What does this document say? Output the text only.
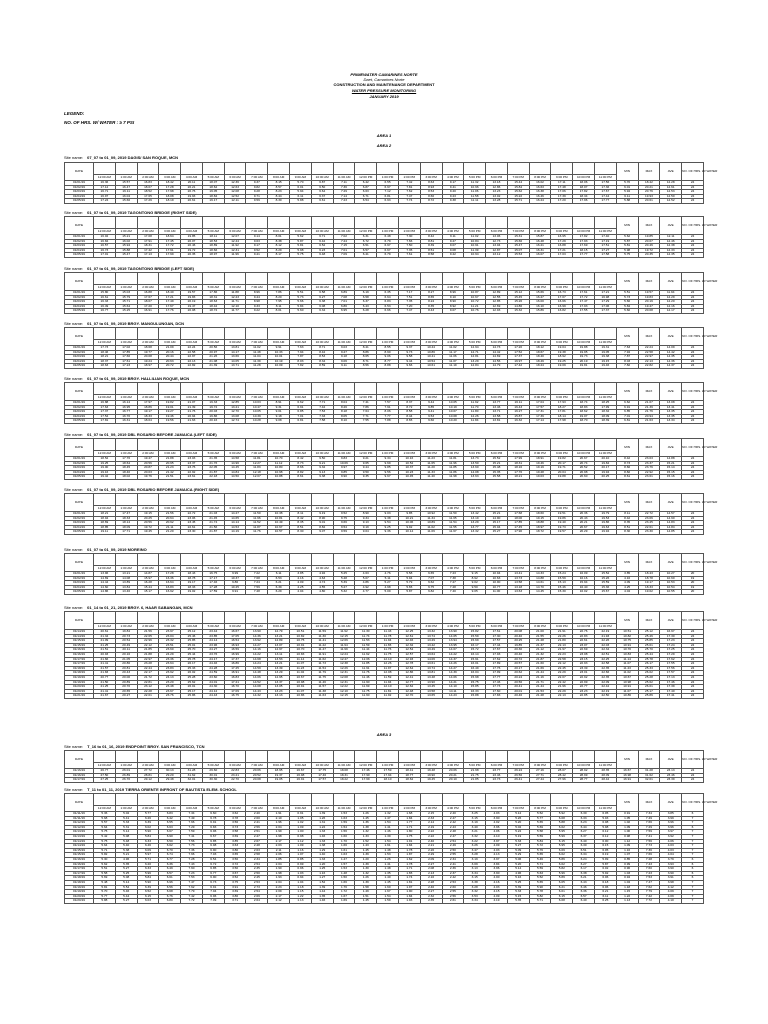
PRIMEWATER CAMARINES NORTE
Daet, Camarines Norte
CONSTRUCTION AND MAINTENANCE DEPARTMENT
WATER PRESSURE MONITORING
JANUARY 2019
LEGEND:
NO. OF HRS. W/ WATER : ≥ 7 PSI
AREA 1
AREA 2
AREA 3
Site name: 07_07 to 01_09, 2019 DAGIS/ SAN ROQUE, MCN
DATE																									MIN	MAX	AVE	NO. OF HRS. W/ WATER
	12:00 AM	1:00 AM	2:00 AM	3:00 AM	4:00 AM	5:00 AM	6:00 AM	7:00 AM	8:00 AM	9:00 AM	10:00 AM	11:00 AM	12:00 PM	1:00 PM	2:00 PM	3:00 PM	4:00 PM	5:00 PM	6:00 PM	7:00 PM	8:00 PM	9:00 PM	10:00 PM	11:00 PM				
01/01/19	16.36	15.57	16.83	18.42	20.11	18.07	12.36	9.37	8.15	5.70	6.87	7.11	6.42	6.55	7.42	8.63	9.17	11.32	13.18	15.44	16.02	17.11	18.06	17.56	5.70	18.42	12.28	24
01/02/19	17.12	16.47	18.07	17.28	20.21	18.62	12.63	9.82	8.57	6.01	6.50	7.36	6.87	6.97	7.81	8.93	9.41	10.96	12.86	15.84	16.63	17.48	18.07	17.36	6.01	20.21	12.61	24
01/03/19	16.71	16.11	18.52	17.98	20.76	19.05	12.08	9.28	8.23	5.94	6.64	7.29	6.63	7.12	7.62	8.53	9.20	11.06	13.23	15.62	16.38	17.06	17.82	17.67	5.94	20.76	12.53	24
01/04/19	16.97	16.04	17.65	18.08	19.93	18.84	12.52	9.71	8.44	6.11	6.37	7.14	6.71	6.81	7.47	8.66	9.23	11.58	13.02	15.22	16.46	17.39	18.34	17.44	6.11	19.93	12.50	24
01/05/19	17.24	15.66	17.29	18.19	20.61	19.17	12.11	9.59	8.30	5.88	6.61	7.23	6.54	6.93	7.74	8.72	9.38	11.11	13.28	15.71	16.24	17.20	17.96	17.77	5.88	20.61	12.52	24
Site name: 01_07 to 01_09, 2019 TAGONTONG BRIDGE (RIGHT SIDE)
DATE																									MIN	MAX	AVE	NO. OF HRS. W/ WATER
	12:00 AM	1:00 AM	2:00 AM	3:00 AM	4:00 AM	5:00 AM	6:00 AM	7:00 AM	8:00 AM	9:00 AM	10:00 AM	11:00 AM	12:00 PM	1:00 PM	2:00 PM	3:00 PM	4:00 PM	5:00 PM	6:00 PM	7:00 PM	8:00 PM	9:00 PM	10:00 PM	11:00 PM				
01/01/19	16.02	15.21	17.08	18.64	19.85	18.11	12.07	9.14	8.01	5.62	6.71	7.02	6.31	6.48	7.30	8.42	9.11	11.02	13.06	15.31	15.87	16.95	17.82	17.40	5.62	19.85	12.11	24
01/02/19	16.84	16.02	17.91	17.45	20.07	18.53	12.44	9.63	8.38	5.87	6.42	7.24	6.72	6.79	7.66	8.81	9.27	10.84	12.73	15.66	16.48	17.29	17.93	17.19	5.87	20.07	12.46	24
01/03/19	16.57	15.94	18.31	17.72	20.46	18.89	11.92	9.17	8.12	5.81	6.52	7.15	6.51	6.97	7.50	8.39	9.07	10.91	13.04	15.47	16.21	16.88	17.69	17.51	5.81	20.46	12.38	24
01/04/19	16.73	15.88	17.42	17.91	19.72	18.66	12.31	9.52	8.29	5.98	6.23	7.01	6.57	6.67	7.35	8.51	9.08	11.39	12.87	15.07	16.31	17.21	18.15	17.27	5.98	19.72	12.33	24
01/05/19	17.01	15.47	17.13	17.99	20.35	18.97	11.96	9.41	8.17	5.75	6.48	7.09	6.41	6.79	7.61	8.58	9.22	10.94	13.12	15.53	16.07	17.03	17.77	17.58	5.75	20.35	12.35	24
Site name: 01_07 to 01_09, 2019 TAGONTONG BRIDGE (LEFT SIDE)
DATE																									MIN	MAX	AVE	NO. OF HRS. W/ WATER
	12:00 AM	1:00 AM	2:00 AM	3:00 AM	4:00 AM	5:00 AM	6:00 AM	7:00 AM	8:00 AM	9:00 AM	10:00 AM	11:00 AM	12:00 PM	1:00 PM	2:00 PM	3:00 PM	4:00 PM	5:00 PM	6:00 PM	7:00 PM	8:00 PM	9:00 PM	10:00 PM	11:00 PM				
01/01/19	15.80	15.03	16.88	18.40	19.57	17.86	11.88	8.96	7.86	5.51	6.58	6.89	6.19	6.35	7.17	8.27	8.96	10.87	12.89	15.12	15.66	16.73	17.61	17.21	5.51	19.57	11.94	24
01/02/19	16.61	15.79	17.67	17.21	19.83	18.31	12.23	9.44	8.20	5.73	6.27	7.08	6.58	6.64	7.51	8.65	9.10	10.67	12.55	15.45	16.27	17.07	17.72	16.98	5.73	19.83	12.29	24
01/03/19	16.33	15.71	18.07	17.49	20.19	18.63	11.71	8.98	7.95	5.66	6.38	7.01	6.37	6.83	7.35	8.24	8.90	10.72	12.85	15.26	16.00	16.66	17.47	17.29	5.66	20.19	12.20	24
01/04/19	16.49	15.64	17.20	17.67	19.47	18.42	12.10	9.33	8.11	5.84	6.08	6.86	6.43	6.53	7.20	8.35	8.92	11.21	12.69	14.86	16.10	16.99	17.93	17.06	5.84	19.47	12.16	24
01/05/19	16.77	15.25	16.91	17.76	20.08	18.72	11.77	9.22	8.01	5.60	6.34	6.95	6.28	6.66	7.47	8.43	9.07	10.76	12.93	15.32	15.86	16.82	17.55	17.37	5.60	20.08	12.17	24
Site name: 01_07 to 01_09, 2019 BRGY. MANGULUNGAN, DCN
DATE																									MIN	MAX	AVE	NO. OF HRS. W/ WATER
	12:00 AM	1:00 AM	2:00 AM	3:00 AM	4:00 AM	5:00 AM	6:00 AM	7:00 AM	8:00 AM	9:00 AM	10:00 AM	11:00 AM	12:00 PM	1:00 PM	2:00 PM	3:00 PM	4:00 PM	5:00 PM	6:00 PM	7:00 PM	8:00 PM	9:00 PM	10:00 PM	11:00 PM				
01/01/19	17.73	17.02	18.68	21.09	22.24	20.56	13.81	11.02	9.91	7.63	8.71	9.03	8.41	8.55	9.37	10.44	11.02	12.94	14.73	17.20	18.12	19.04	19.88	19.31	7.63	22.24	14.09	24
01/02/19	18.46	17.85	19.77	20.16	22.58	20.97	14.17	11.48	10.33	7.94	8.42	9.27	8.86	8.90	9.73	10.86	11.17	12.71	14.42	17.52	18.67	19.38	19.95	19.05	7.94	22.58	14.42	24
01/03/19	18.21	17.66	20.08	20.44	22.97	21.26	13.66	11.04	10.01	7.87	8.53	9.18	8.65	9.06	9.58	10.41	11.06	12.81	14.69	17.37	18.40	18.92	19.73	19.38	7.87	22.97	14.35	24
01/04/19	18.37	17.61	19.24	20.63	22.13	21.08	14.05	11.39	10.19	8.03	8.34	9.06	8.71	8.77	9.44	10.54	11.07	13.29	14.56	16.97	18.49	19.25	20.19	19.15	8.03	22.13	14.36	24
01/05/19	18.63	17.23	18.97	20.72	22.82	21.39	13.71	11.28	10.09	7.82	8.59	9.11	8.56	8.88	9.66	10.61	11.19	12.84	14.79	17.42	18.24	19.09	19.81	19.46	7.82	22.82	14.37	24
Site name: 01_07 to 01_09, 2019 BRGY. HALLILIAN ROQUE, MCN
DATE																									MIN	MAX	AVE	NO. OF HRS. W/ WATER
	12:00 AM	1:00 AM	2:00 AM	3:00 AM	4:00 AM	5:00 AM	6:00 AM	7:00 AM	8:00 AM	9:00 AM	10:00 AM	11:00 AM	12:00 PM	1:00 PM	2:00 PM	3:00 PM	4:00 PM	5:00 PM	6:00 PM	7:00 PM	8:00 PM	9:00 PM	10:00 PM	11:00 PM				
01/01/19	16.88	16.14	17.97	19.82	21.07	19.33	12.85	10.03	8.91	6.62	7.71	8.04	7.41	7.57	8.37	9.44	10.05	11.92	13.77	16.11	17.04	17.93	18.74	18.25	6.62	21.07	13.08	24
01/02/19	17.63	16.95	18.86	19.01	21.39	19.72	13.21	10.47	9.31	6.91	7.42	8.26	7.86	7.91	8.72	9.85	10.19	11.70	13.46	16.43	17.57	18.27	18.83	17.99	6.91	21.39	13.41	24
01/03/19	17.37	16.77	19.17	19.27	21.76	20.03	12.70	10.05	9.01	6.85	7.53	8.18	7.64	8.06	8.58	9.41	10.07	11.80	13.71	16.27	17.31	17.81	18.62	18.32	6.85	21.76	13.35	24
01/04/19	17.54	16.70	18.33	19.46	20.94	19.86	13.08	10.39	9.18	7.01	7.33	8.05	7.71	7.77	8.44	9.53	10.08	12.26	13.58	15.87	17.39	18.14	19.07	18.09	7.01	20.94	13.35	24
01/05/19	17.81	16.31	18.04	19.56	21.63	20.16	12.74	10.28	9.08	6.81	7.58	8.10	7.55	7.88	8.65	9.60	10.20	11.84	13.81	16.32	17.14	17.98	18.70	18.39	6.81	21.63	13.34	24
Site name: 01_07 to 01_09, 2019 DBL ROSARIO BEFORE JAMAICA (LEFT SIDE)
DATE																									MIN	MAX	AVE	NO. OF HRS. W/ WATER
	12:00 AM	1:00 AM	2:00 AM	3:00 AM	4:00 AM	5:00 AM	6:00 AM	7:00 AM	8:00 AM	9:00 AM	10:00 AM	11:00 AM	12:00 PM	1:00 PM	2:00 PM	3:00 PM	4:00 PM	5:00 PM	6:00 PM	7:00 PM	8:00 PM	9:00 PM	10:00 PM	11:00 PM				
01/01/19	18.52	17.76	19.47	21.88	23.03	21.35	14.58	11.81	10.70	8.42	9.50	9.83	9.21	9.34	10.16	11.23	11.81	13.73	15.52	17.99	18.91	19.82	20.67	20.10	8.42	23.03	14.88	24
01/02/19	19.25	18.64	20.56	20.95	23.37	21.76	14.96	12.27	11.12	8.73	9.21	10.06	9.65	9.69	10.52	11.65	11.96	13.50	15.21	18.31	19.46	20.17	20.74	19.84	8.73	23.37	15.21	24
01/03/19	19.00	18.45	20.87	21.23	23.76	22.05	14.45	11.83	10.80	8.66	9.32	9.97	9.44	9.85	10.37	11.20	11.85	13.60	15.48	18.16	19.19	19.71	20.52	20.17	8.66	23.76	15.14	24
01/04/19	19.16	18.40	20.03	21.42	22.92	21.87	14.84	12.18	10.98	8.82	9.13	9.85	9.50	9.56	10.23	11.33	11.86	14.08	15.35	17.76	19.28	20.04	20.98	19.94	8.82	22.92	15.15	24
01/05/19	19.42	18.02	19.76	21.51	23.61	22.18	14.50	12.07	10.88	8.61	9.38	9.90	9.35	9.67	10.45	11.40	11.98	13.63	15.58	18.21	19.03	19.88	20.60	20.25	8.61	23.61	15.16	24
Site name: 01_07 to 01_09, 2019 DBL ROSARIO BEFORE JAMAICA (RIGHT SIDE)
DATE																									MIN	MAX	AVE	NO. OF HRS. W/ WATER
	12:00 AM	1:00 AM	2:00 AM	3:00 AM	4:00 AM	5:00 AM	6:00 AM	7:00 AM	8:00 AM	9:00 AM	10:00 AM	11:00 AM	12:00 PM	1:00 PM	2:00 PM	3:00 PM	4:00 PM	5:00 PM	6:00 PM	7:00 PM	8:00 PM	9:00 PM	10:00 PM	11:00 PM				
01/01/19	18.21	17.47	19.15	21.56	22.72	21.03	14.27	11.50	10.38	8.11	9.19	9.52	8.90	9.03	9.85	10.92	11.50	13.42	15.21	17.68	18.60	19.51	20.36	19.79	8.11	22.72	14.57	24
01/02/19	18.94	18.33	20.25	20.64	23.06	21.45	14.65	11.96	10.81	8.42	8.90	9.75	9.34	9.38	10.21	11.34	11.65	13.19	14.90	18.00	19.15	19.86	20.43	19.53	8.42	23.06	14.90	24
01/03/19	18.69	18.14	20.56	20.92	23.45	21.74	14.14	11.52	10.49	8.35	9.01	9.66	9.13	9.54	10.06	10.89	11.54	13.29	15.17	17.85	18.88	19.40	20.21	19.86	8.35	23.45	14.83	24
01/04/19	18.85	18.09	19.72	21.11	22.61	21.56	14.53	11.87	10.67	8.51	8.82	9.54	9.19	9.25	9.92	11.02	11.55	13.77	15.04	17.45	18.97	19.73	20.67	19.63	8.51	22.61	14.84	24
01/05/19	19.11	17.71	19.45	21.20	23.30	21.87	14.19	11.76	10.57	8.30	9.07	9.59	9.04	9.36	10.14	11.09	11.67	13.32	15.27	17.90	18.72	19.57	20.29	19.94	8.30	23.30	14.85	24
Site name: 01_07 to 01_09, 2019 MOREINO
DATE																									MIN	MAX	AVE	NO. OF HRS. W/ WATER
	12:00 AM	1:00 AM	2:00 AM	3:00 AM	4:00 AM	5:00 AM	6:00 AM	7:00 AM	8:00 AM	9:00 AM	10:00 AM	11:00 AM	12:00 PM	1:00 PM	2:00 PM	3:00 PM	4:00 PM	5:00 PM	6:00 PM	7:00 PM	8:00 PM	9:00 PM	10:00 PM	11:00 PM				
01/01/19	13.96	13.21	14.87	17.28	18.43	16.75	9.99	7.22	6.11	3.85	4.92	5.25	4.63	4.76	5.58	6.65	7.23	9.15	10.94	13.41	14.33	15.24	16.09	15.52	3.85	18.43	10.27	20
01/02/19	14.69	14.08	15.97	16.36	18.78	17.17	10.37	7.68	6.53	4.16	4.63	5.48	5.07	5.11	5.94	7.07	7.38	8.92	10.63	13.73	14.88	15.59	16.16	15.26	4.16	18.78	10.60	19
01/03/19	14.44	13.89	16.28	16.64	19.17	17.46	9.86	7.24	6.21	4.09	4.74	5.39	4.86	5.27	5.79	6.62	7.27	9.02	10.90	13.58	14.61	15.13	15.94	15.59	4.09	19.17	10.53	20
01/04/19	14.60	13.84	15.44	16.83	18.33	17.28	10.25	7.59	6.39	4.25	4.55	5.27	4.92	4.98	5.65	6.75	7.28	9.50	10.77	13.18	14.70	15.46	16.40	15.36	4.25	18.33	10.54	19
01/05/19	14.86	13.46	15.17	16.92	19.02	17.59	9.91	7.48	6.29	4.04	4.80	5.32	4.77	5.09	5.87	6.82	7.40	9.05	11.00	13.63	14.45	15.30	16.02	15.67	4.04	19.02	10.55	20
Site name: 01_14 to 01_21, 2019 BRGY. 6, HAAR SABANGAN, MCN
DATE																									MIN	MAX	AVE	NO. OF HRS. W/ WATER
	12:00 AM	1:00 AM	2:00 AM	3:00 AM	4:00 AM	5:00 AM	6:00 AM	7:00 AM	8:00 AM	9:00 AM	10:00 AM	11:00 AM	12:00 PM	1:00 PM	2:00 PM	3:00 PM	4:00 PM	5:00 PM	6:00 PM	7:00 PM	8:00 PM	9:00 PM	10:00 PM	11:00 PM				
01/14/19	20.61	19.84	21.56	23.97	25.12	23.44	16.67	13.90	12.79	10.51	11.59	11.92	11.30	11.43	12.25	13.32	13.90	15.82	17.61	20.08	21.00	21.91	22.76	22.19	10.51	25.12	16.97	24
01/14/19	21.34	20.73	22.65	23.04	25.46	23.85	17.05	14.36	13.21	10.82	11.30	12.15	11.74	11.78	12.61	13.74	14.05	15.59	17.30	20.40	21.55	22.26	22.83	21.93	10.82	25.46	17.30	24
01/15/19	21.09	20.54	22.96	23.32	25.85	24.14	16.54	13.92	12.89	10.75	11.41	12.06	11.53	11.94	12.46	13.29	13.94	15.69	17.57	20.25	21.28	21.80	22.61	22.26	10.75	25.85	17.23	24
01/15/19	21.25	20.49	22.12	23.51	25.01	23.96	16.93	14.27	13.07	10.91	11.22	11.94	11.59	11.65	12.32	13.42	13.95	16.17	17.44	19.85	21.37	22.13	23.07	22.03	10.91	25.01	17.24	24
01/16/19	21.51	20.11	21.85	23.60	25.70	24.27	16.59	14.16	12.97	10.70	11.47	11.99	11.44	11.76	12.54	13.49	14.07	15.72	17.67	20.30	21.12	21.97	22.69	22.34	10.70	25.70	17.25	24
01/16/19	20.93	20.16	21.88	24.29	25.44	23.76	16.99	14.22	13.11	10.83	11.91	12.24	11.62	11.75	12.57	13.64	14.22	16.14	17.93	20.40	21.32	22.23	23.08	22.51	10.83	25.44	17.29	24
01/17/19	21.66	21.05	22.97	23.36	25.78	24.17	17.37	14.68	13.53	11.14	11.62	12.47	12.06	12.10	12.93	14.06	14.37	15.91	17.62	20.72	21.87	22.58	23.15	22.25	11.14	25.78	17.62	24
01/17/19	21.41	20.86	23.28	23.64	26.17	24.46	16.86	14.24	13.21	11.07	11.73	12.38	11.85	12.26	12.78	13.61	14.26	16.01	17.89	20.57	21.60	22.12	22.93	22.58	11.07	26.17	17.55	24
01/18/19	21.57	20.81	22.44	23.83	25.33	24.28	17.25	14.59	13.39	11.23	11.54	12.26	11.91	11.97	12.64	13.74	14.27	16.49	17.76	20.17	21.69	22.45	23.39	22.35	11.23	25.33	17.56	24
01/18/19	21.83	20.43	22.17	23.92	26.02	24.59	16.91	14.48	13.29	11.02	11.79	12.31	11.76	12.08	12.86	13.81	14.39	16.04	17.99	20.62	21.44	22.29	23.01	22.66	11.02	26.02	17.57	24
01/19/19	20.77	20.00	21.72	24.13	25.28	23.60	16.83	14.06	12.95	10.67	11.75	12.08	11.46	11.59	12.41	13.48	14.06	15.98	17.77	20.24	21.16	22.07	22.92	22.35	10.67	25.28	17.13	24
01/19/19	21.50	20.89	22.81	23.20	25.62	24.01	17.21	14.52	13.37	10.98	11.46	12.31	11.90	11.94	12.77	13.90	14.21	15.75	17.46	20.56	21.71	22.42	22.99	22.09	10.98	25.62	17.46	24
01/20/19	21.25	20.70	23.12	23.48	26.01	24.30	16.70	14.08	13.05	10.91	11.57	12.22	11.69	12.10	12.62	13.45	14.10	15.85	17.73	20.41	21.44	21.96	22.77	22.42	10.91	26.01	17.39	24
01/20/19	21.41	20.65	22.28	23.67	25.17	24.12	17.09	14.43	13.23	11.07	11.38	12.10	11.75	11.81	12.48	13.58	14.11	16.33	17.60	20.01	21.53	22.29	23.23	22.19	11.07	25.17	17.40	24
01/21/19	21.67	20.27	22.01	23.76	25.86	24.43	16.75	14.32	13.13	10.86	11.63	12.15	11.60	11.92	12.70	13.65	14.23	15.88	17.83	20.46	21.28	22.13	22.85	22.50	10.86	25.86	17.41	24
Site name: T_16 to 01_16, 2019 ENDPOINT BRGY. SAN FRANCISCO, TCN
DATE																									MIN	MAX	AVE	NO. OF HRS. W/ WATER
	12:00 AM	1:00 AM	2:00 AM	3:00 AM	4:00 AM	5:00 AM	6:00 AM	7:00 AM	8:00 AM	9:00 AM	10:00 AM	11:00 AM	12:00 PM	1:00 PM	2:00 PM	3:00 PM	4:00 PM	5:00 PM	6:00 PM	7:00 PM	8:00 PM	9:00 PM	10:00 PM	11:00 PM				
01/16/19	26.77	26.01	27.72	30.13	31.28	29.60	22.83	20.06	18.95	16.67	17.75	18.08	17.46	17.59	18.41	19.48	20.06	21.98	23.77	26.24	27.16	28.07	28.92	28.35	16.67	31.28	23.13	24
01/16/19	27.50	26.89	28.81	29.20	31.62	30.01	23.21	20.52	19.37	16.98	17.46	18.31	17.90	17.94	18.77	19.90	20.21	21.75	23.46	26.56	27.71	28.42	28.99	28.09	16.98	31.62	23.46	24
01/17/19	27.25	26.70	29.12	29.48	32.01	30.30	22.70	20.08	19.05	16.91	17.57	18.22	17.69	18.10	18.62	19.45	20.10	21.85	23.73	26.41	27.44	27.96	28.77	28.42	16.91	32.01	23.39	24
Site name: T_11 to 01_11, 2019 TIERRA ORIENTE INFRONT OF BAUTISTA ELEM. SCHOOL
DATE																									MIN	MAX	AVE	NO. OF HRS. W/ WATER
	12:00 AM	1:00 AM	2:00 AM	3:00 AM	4:00 AM	5:00 AM	6:00 AM	7:00 AM	8:00 AM	9:00 AM	10:00 AM	11:00 AM	12:00 PM	1:00 PM	2:00 PM	3:00 PM	4:00 PM	5:00 PM	6:00 PM	7:00 PM	8:00 PM	9:00 PM	10:00 PM	11:00 PM				
01/11/19	5.36	5.02	5.77	6.83	7.34	6.60	3.62	2.40	1.91	0.91	1.39	1.53	1.26	1.32	1.68	2.15	2.40	3.25	4.03	5.12	5.52	5.92	6.30	6.05	0.91	7.34	3.85	6
01/11/19	5.68	5.41	6.26	6.42	7.49	6.78	3.78	2.60	2.10	1.05	1.26	1.63	1.45	1.47	1.84	2.33	2.47	3.15	3.90	5.26	5.77	6.08	6.33	5.93	1.05	7.49	3.99	7
01/12/19	5.57	5.33	6.39	6.55	7.66	6.91	3.56	2.41	1.96	1.02	1.31	1.59	1.36	1.54	1.77	2.14	2.42	3.19	4.02	5.20	5.65	5.88	6.23	6.08	1.02	7.66	3.96	7
01/12/19	5.64	5.31	6.02	6.63	7.29	6.83	3.73	2.56	2.04	1.09	1.22	1.54	1.38	1.41	1.71	2.19	2.43	3.40	3.96	5.02	5.69	6.02	6.44	5.98	1.09	7.29	3.96	6
01/13/19	5.75	5.14	5.90	6.67	7.59	6.96	3.58	2.51	1.99	1.00	1.33	1.56	1.32	1.46	1.80	2.22	2.48	3.21	4.06	5.22	5.58	5.95	6.27	6.12	1.00	7.59	3.97	7
01/13/19	5.42	5.08	5.84	6.90	7.41	6.67	3.69	2.47	1.98	0.98	1.46	1.60	1.33	1.39	1.75	2.22	2.47	3.32	4.10	5.19	5.59	5.99	6.37	6.12	0.98	7.41	3.92	7
01/14/19	5.75	5.48	6.33	6.50	7.56	6.85	3.85	2.67	2.17	1.12	1.33	1.70	1.52	1.54	1.91	2.40	2.54	3.22	3.97	5.33	5.84	6.15	6.40	6.00	1.12	7.56	4.06	7
01/14/19	5.64	5.40	6.46	6.62	7.73	6.98	3.63	2.48	2.03	1.09	1.38	1.66	1.43	1.61	1.84	2.21	2.49	3.26	4.09	5.27	5.72	5.95	6.30	6.15	1.09	7.73	4.03	7
01/15/19	5.71	5.38	6.09	6.70	7.36	6.90	3.80	2.63	2.11	1.16	1.29	1.61	1.45	1.48	1.78	2.26	2.50	3.47	4.03	5.09	5.76	6.09	6.51	6.05	1.16	7.36	4.03	7
01/15/19	5.82	5.21	5.97	6.74	7.66	7.03	3.65	2.58	2.06	1.07	1.40	1.63	1.39	1.53	1.87	2.29	2.55	3.28	4.13	5.29	5.65	6.02	6.34	6.19	1.07	7.66	4.04	7
01/16/19	5.30	4.96	5.71	6.77	7.28	6.54	3.56	2.34	1.85	0.85	1.33	1.47	1.20	1.26	1.62	2.09	2.34	3.19	3.97	5.06	5.46	5.86	6.24	5.99	0.85	7.28	3.79	6
01/16/19	5.62	5.35	6.20	6.36	7.43	6.72	3.72	2.54	2.04	0.99	1.20	1.57	1.39	1.41	1.78	2.27	2.41	3.09	3.84	5.20	5.71	6.02	6.27	5.87	0.99	7.43	3.93	6
01/17/19	5.51	5.27	6.33	6.49	7.60	6.85	3.50	2.35	1.90	0.96	1.25	1.53	1.30	1.48	1.71	2.08	2.36	3.13	3.96	5.14	5.59	5.82	6.17	6.02	0.96	7.60	3.90	6
01/17/19	5.58	5.25	5.96	6.57	7.23	6.77	3.67	2.50	1.98	1.03	1.16	1.48	1.32	1.35	1.65	2.13	2.37	3.34	3.90	4.96	5.63	5.96	6.38	5.92	1.03	7.23	3.90	6
01/18/19	5.69	5.08	5.84	6.61	7.53	6.90	3.52	2.45	1.93	0.94	1.27	1.50	1.26	1.40	1.74	2.16	2.42	3.15	4.00	5.16	5.52	5.89	6.21	6.06	0.94	7.53	3.91	6
01/18/19	5.48	5.14	5.90	6.96	7.47	6.73	3.75	2.53	2.04	1.04	1.52	1.66	1.39	1.45	1.81	2.28	2.53	3.38	4.16	5.25	5.65	6.05	6.43	6.18	1.04	7.47	3.98	7
01/19/19	5.81	5.54	6.39	6.56	7.62	6.91	3.91	2.73	2.23	1.18	1.39	1.76	1.58	1.60	1.97	2.46	2.60	3.28	4.03	5.39	5.90	6.21	6.46	6.06	1.18	7.62	4.12	7
01/19/19	5.70	5.46	6.52	6.68	7.79	7.04	3.69	2.54	2.09	1.15	1.44	1.72	1.49	1.67	1.90	2.27	2.55	3.32	4.15	5.33	5.78	6.01	6.36	6.21	1.15	7.79	4.09	7
01/20/19	5.77	5.44	6.15	6.76	7.42	6.96	3.86	2.69	2.17	1.22	1.35	1.67	1.51	1.54	1.84	2.32	2.56	3.53	4.09	5.15	5.82	6.15	6.57	6.11	1.22	7.42	4.09	7
01/20/19	5.88	5.27	6.03	6.80	7.72	7.09	3.71	2.64	2.12	1.13	1.46	1.69	1.45	1.59	1.93	2.35	2.61	3.34	4.19	5.35	5.71	6.08	6.40	6.25	1.13	7.72	4.10	7
